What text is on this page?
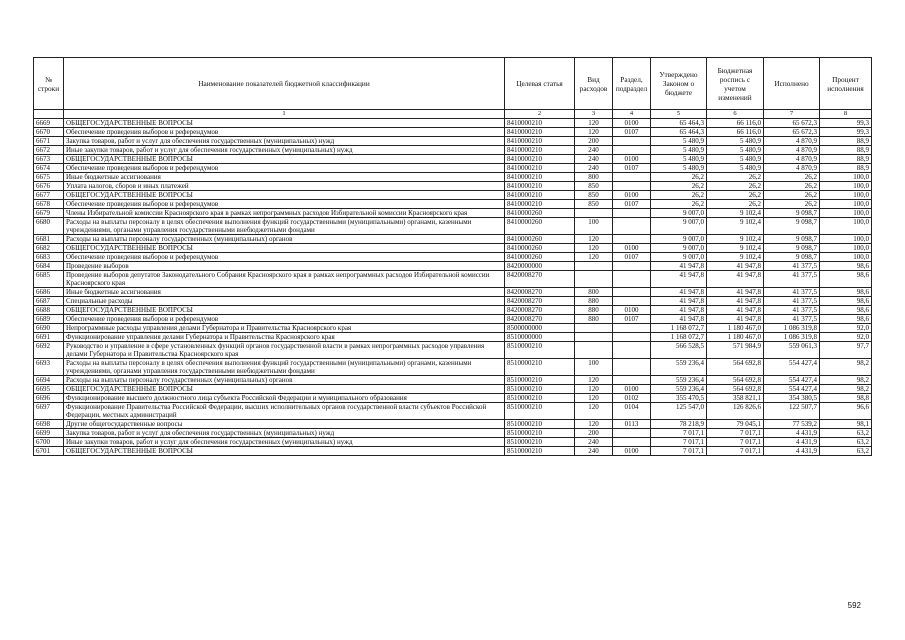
№ строки	Наименование показателей бюджетной классификации	Целевая статья	Вид расходов	Раздел, подраздел	Утверждено Законом о бюджете	Бюджетная роспись с учетом изменений	Исполнено	Процент исполнения
	1	2	3	4	5	6	7	8
6669	ОБЩЕГОСУДАРСТВЕННЫЕ ВОПРОСЫ	8410000210	120	0100	65 464,3	66 116,0	65 672,3	99,3
6670	Обеспечение проведения выборов и референдумов	8410000210	120	0107	65 464,3	66 116,0	65 672,3	99,3
6671	Закупка товаров, работ и услуг для обеспечения государственных (муниципальных) нужд	8410000210	200		5 480,9	5 480,9	4 870,9	88,9
6672	Иные закупки товаров, работ и услуг для обеспечения государственных (муниципальных) нужд	8410000210	240		5 480,9	5 480,9	4 870,9	88,9
6673	ОБЩЕГОСУДАРСТВЕННЫЕ ВОПРОСЫ	8410000210	240	0100	5 480,9	5 480,9	4 870,9	88,9
6674	Обеспечение проведения выборов и референдумов	8410000210	240	0107	5 480,9	5 480,9	4 870,9	88,9
6675	Иные бюджетные ассигнования	8410000210	800		26,2	26,2	26,2	100,0
6676	Уплата налогов, сборов и иных платежей	8410000210	850		26,2	26,2	26,2	100,0
6677	ОБЩЕГОСУДАРСТВЕННЫЕ ВОПРОСЫ	8410000210	850	0100	26,2	26,2	26,2	100,0
6678	Обеспечение проведения выборов и референдумов	8410000210	850	0107	26,2	26,2	26,2	100,0
6679	Члены Избирательной комиссии Красноярского края в рамках непрограммных расходов Избирательной комиссии Красноярского края	8410000260			9 007,0	9 102,4	9 098,7	100,0
6680	Расходы на выплаты персоналу в целях обеспечения выполнения функций государственными (муниципальными) органами, казенными учреждениями, органами управления государственными внебюджетными фондами	8410000260	100		9 007,0	9 102,4	9 098,7	100,0
6681	Расходы на выплаты персоналу государственных (муниципальных) органов	8410000260	120		9 007,0	9 102,4	9 098,7	100,0
6682	ОБЩЕГОСУДАРСТВЕННЫЕ ВОПРОСЫ	8410000260	120	0100	9 007,0	9 102,4	9 098,7	100,0
6683	Обеспечение проведения выборов и референдумов	8410000260	120	0107	9 007,0	9 102,4	9 098,7	100,0
6684	Проведение выборов	8420000000			41 947,8	41 947,8	41 377,5	98,6
6685	Проведение выборов депутатов Законодательного Собрания Красноярского края в рамках непрограммных расходов Избирательной комиссии Красноярского края	8420008270			41 947,8	41 947,8	41 377,5	98,6
6686	Иные бюджетные ассигнования	8420008270	800		41 947,8	41 947,8	41 377,5	98,6
6687	Специальные расходы	8420008270	880		41 947,8	41 947,8	41 377,5	98,6
6688	ОБЩЕГОСУДАРСТВЕННЫЕ ВОПРОСЫ	8420008270	880	0100	41 947,8	41 947,8	41 377,5	98,6
6689	Обеспечение проведения выборов и референдумов	8420008270	880	0107	41 947,8	41 947,8	41 377,5	98,6
6690	Непрограммные расходы управления делами Губернатора и Правительства Красноярского края	8500000000			1 168 072,7	1 180 467,0	1 086 319,8	92,0
6691	Функционирование управления делами Губернатора и Правительства Красноярского края	8510000000			1 168 072,7	1 180 467,0	1 086 319,8	92,0
6692	Руководство и управление в сфере установленных функций органов государственной власти в рамках непрограммных расходов управления делами Губернатора и Правительства Красноярского края	8510000210			566 528,5	571 984,9	559 061,3	97,7
6693	Расходы на выплаты персоналу в целях обеспечения выполнения функций государственными (муниципальными) органами, казенными учреждениями, органами управления государственными внебюджетными фондами	8510000210	100		559 236,4	564 692,8	554 427,4	98,2
6694	Расходы на выплаты персоналу государственных (муниципальных) органов	8510000210	120		559 236,4	564 692,8	554 427,4	98,2
6695	ОБЩЕГОСУДАРСТВЕННЫЕ ВОПРОСЫ	8510000210	120	0100	559 236,4	564 692,8	554 427,4	98,2
6696	Функционирование высшего должностного лица субъекта Российской Федерации и муниципального образования	8510000210	120	0102	355 470,5	358 821,1	354 380,5	98,8
6697	Функционирование Правительства Российской Федерации, высших исполнительных органов государственной власти субъектов Российской Федерации, местных администраций	8510000210	120	0104	125 547,0	126 826,6	122 507,7	96,6
6698	Другие общегосударственные вопросы	8510000210	120	0113	78 218,9	79 045,1	77 539,2	98,1
6699	Закупка товаров, работ и услуг для обеспечения государственных (муниципальных) нужд	8510000210	200		7 017,1	7 017,1	4 431,9	63,2
6700	Иные закупки товаров, работ и услуг для обеспечения государственных (муниципальных) нужд	8510000210	240		7 017,1	7 017,1	4 431,9	63,2
6701	ОБЩЕГОСУДАРСТВЕННЫЕ ВОПРОСЫ	8510000210	240	0100	7 017,1	7 017,1	4 431,9	63,2
592
